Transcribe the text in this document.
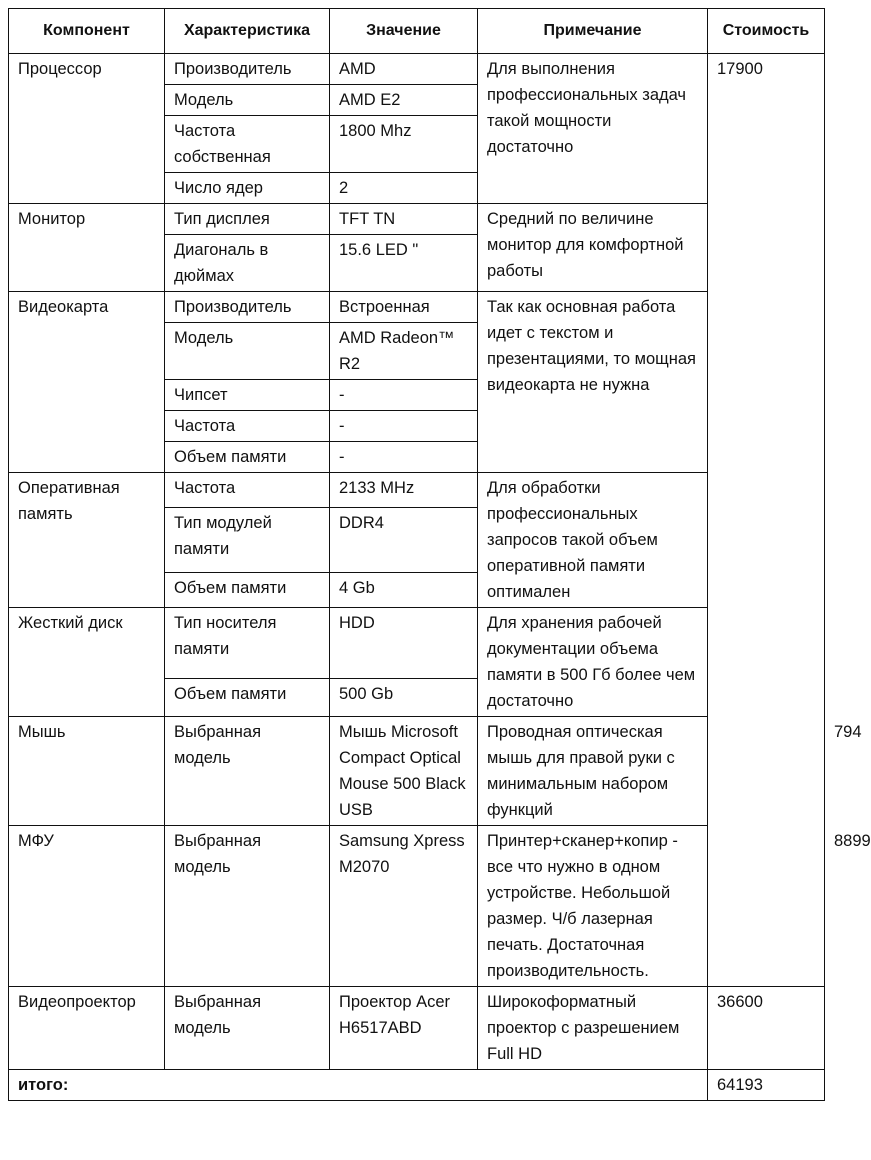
Компонент	Характеристика	Значение	Примечание	Стоимость	
Процессор	Производитель	AMD	Для выполнения профессиональных задач такой мощности достаточно	17900	
	Модель	AMD E2			
	Частота собственная	1800 Mhz			
	Число ядер	2			
Монитор	Тип дисплея	TFT TN	Средний по величине монитор для комфортной работы		
	Диагональ в дюймах	15.6 LED "			
Видеокарта	Производитель	Встроенная	Так как основная работа идет с текстом и презентациями, то мощная видеокарта не нужна		
	Модель	AMD Radeon™ R2			
	Чипсет	-			
	Частота	-			
	Объем памяти	-			
Оперативная память	Частота	2133 MHz	Для обработки профессиональных запросов такой объем оперативной памяти оптимален		
	Тип модулей памяти	DDR4			
	Объем памяти	4 Gb			
Жесткий диск	Тип носителя памяти	HDD	Для хранения рабочей документации объема памяти в 500 Гб более чем достаточно		
	Объем памяти	500 Gb			
Мышь	Выбранная модель	Мышь Microsoft Compact Optical Mouse 500 Black USB	Проводная оптическая мышь для правой руки с минимальным набором функций		794
МФУ	Выбранная модель	Samsung Xpress M2070	Принтер+сканер+копир - все что нужно в одном устройстве. Небольшой размер. Ч/б лазерная печать. Достаточная производительность.		8899
Видеопроектор	Выбранная модель	Проектор Acer H6517ABD	Широкоформатный проектор с разрешением Full HD	36600	
итого:				64193	
